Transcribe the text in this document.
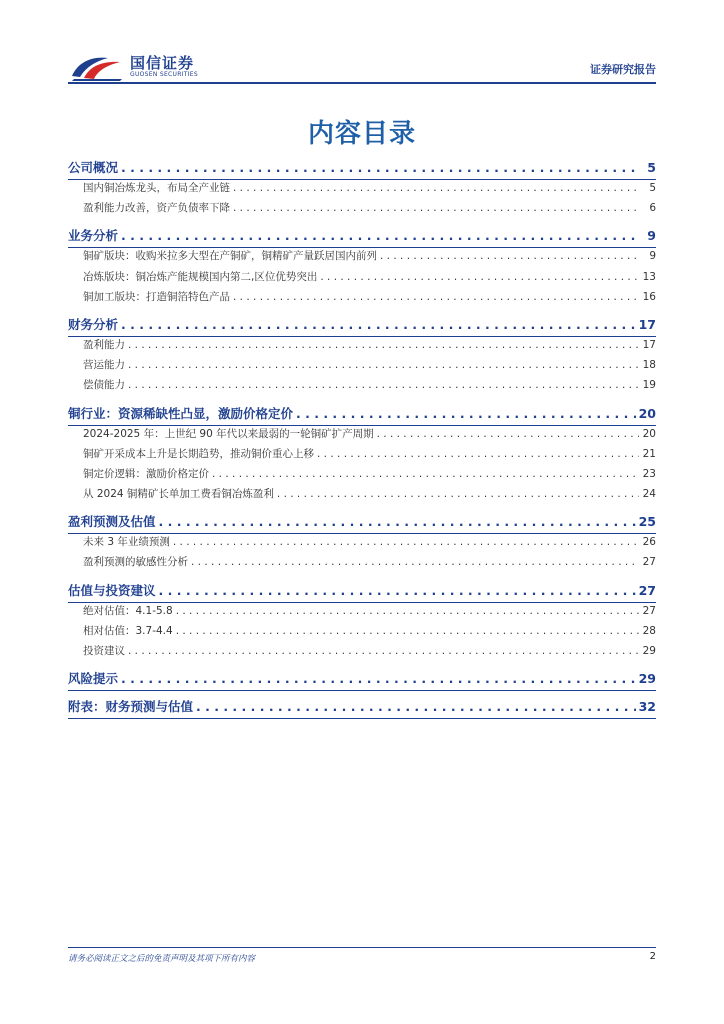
国信证券
GUOSEN SECURITIES	证券研究报告
内容目录
公司概况 . . .	5
国内铜冶炼龙头，布局全产业链 . . .	5
盈利能力改善，资产负债率下降 . . .	6
业务分析 . . .	9
铜矿版块：收购米拉多大型在产铜矿，铜精矿产量跃居国内前列 . . .	9
冶炼版块：铜冶炼产能规模国内第二,区位优势突出 . . .	13
铜加工版块：打造铜箔特色产品 . . .	16
财务分析 . . .	17
盈利能力 . . .	17
营运能力 . . .	18
偿债能力 . . .	19
铜行业：资源稀缺性凸显，激励价格定价 . . .	20
2024-2025 年：上世纪 90 年代以来最弱的一轮铜矿扩产周期 . . .	20
铜矿开采成本上升是长期趋势，推动铜价重心上移 . . .	21
铜定价逻辑：激励价格定价 . . .	23
从 2024 铜精矿长单加工费看铜冶炼盈利 . . .	24
盈利预测及估值 . . .	25
未来 3 年业绩预测 . . .	26
盈利预测的敏感性分析 . . .	27
估值与投资建议 . . .	27
绝对估值：4.1-5.8 . . .	27
相对估值：3.7-4.4 . . .	28
投资建议 . . .	29
风险提示 . . .	29
附表：财务预测与估值 . . .	32
请务必阅读正文之后的免责声明及其项下所有内容	2
